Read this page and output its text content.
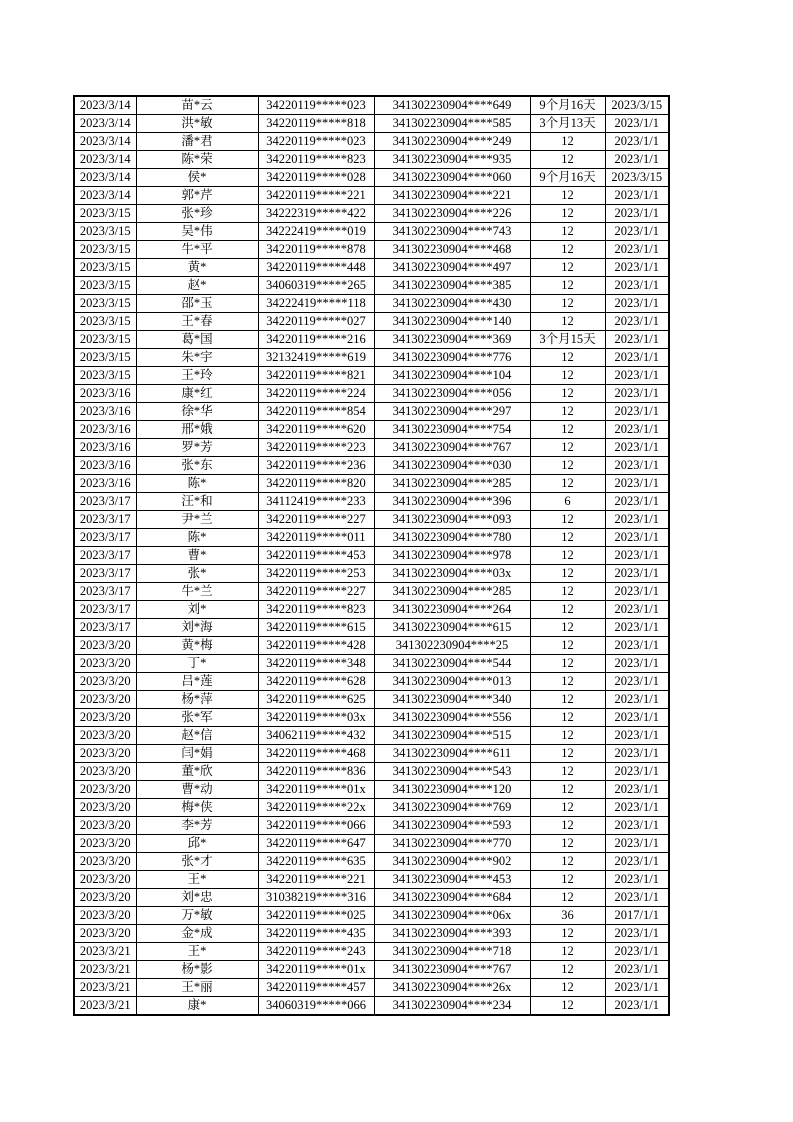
2023/3/14	苗*云	34220119*****023	341302230904****649	9个月16天	2023/3/15
2023/3/14	洪*敏	34220119*****818	341302230904****585	3个月13天	2023/1/1
2023/3/14	潘*君	34220119*****023	341302230904****249	12	2023/1/1
2023/3/14	陈*荣	34220119*****823	341302230904****935	12	2023/1/1
2023/3/14	侯*	34220119*****028	341302230904****060	9个月16天	2023/3/15
2023/3/14	郭*芹	34220119*****221	341302230904****221	12	2023/1/1
2023/3/15	张*珍	34222319*****422	341302230904****226	12	2023/1/1
2023/3/15	吴*伟	34222419*****019	341302230904****743	12	2023/1/1
2023/3/15	牛*平	34220119*****878	341302230904****468	12	2023/1/1
2023/3/15	黄*	34220119*****448	341302230904****497	12	2023/1/1
2023/3/15	赵*	34060319*****265	341302230904****385	12	2023/1/1
2023/3/15	邵*玉	34222419*****118	341302230904****430	12	2023/1/1
2023/3/15	王*春	34220119*****027	341302230904****140	12	2023/1/1
2023/3/15	葛*国	34220119*****216	341302230904****369	3个月15天	2023/1/1
2023/3/15	朱*宇	32132419*****619	341302230904****776	12	2023/1/1
2023/3/15	王*玲	34220119*****821	341302230904****104	12	2023/1/1
2023/3/16	康*红	34220119*****224	341302230904****056	12	2023/1/1
2023/3/16	徐*华	34220119*****854	341302230904****297	12	2023/1/1
2023/3/16	邢*娥	34220119*****620	341302230904****754	12	2023/1/1
2023/3/16	罗*芳	34220119*****223	341302230904****767	12	2023/1/1
2023/3/16	张*东	34220119*****236	341302230904****030	12	2023/1/1
2023/3/16	陈*	34220119*****820	341302230904****285	12	2023/1/1
2023/3/17	汪*和	34112419*****233	341302230904****396	6	2023/1/1
2023/3/17	尹*兰	34220119*****227	341302230904****093	12	2023/1/1
2023/3/17	陈*	34220119*****011	341302230904****780	12	2023/1/1
2023/3/17	曹*	34220119*****453	341302230904****978	12	2023/1/1
2023/3/17	张*	34220119*****253	341302230904****03x	12	2023/1/1
2023/3/17	牛*兰	34220119*****227	341302230904****285	12	2023/1/1
2023/3/17	刘*	34220119*****823	341302230904****264	12	2023/1/1
2023/3/17	刘*海	34220119*****615	341302230904****615	12	2023/1/1
2023/3/20	黄*梅	34220119*****428	341302230904****25	12	2023/1/1
2023/3/20	丁*	34220119*****348	341302230904****544	12	2023/1/1
2023/3/20	吕*莲	34220119*****628	341302230904****013	12	2023/1/1
2023/3/20	杨*萍	34220119*****625	341302230904****340	12	2023/1/1
2023/3/20	张*军	34220119*****03x	341302230904****556	12	2023/1/1
2023/3/20	赵*信	34062119*****432	341302230904****515	12	2023/1/1
2023/3/20	闫*娟	34220119*****468	341302230904****611	12	2023/1/1
2023/3/20	董*欣	34220119*****836	341302230904****543	12	2023/1/1
2023/3/20	曹*动	34220119*****01x	341302230904****120	12	2023/1/1
2023/3/20	梅*侠	34220119*****22x	341302230904****769	12	2023/1/1
2023/3/20	李*芳	34220119*****066	341302230904****593	12	2023/1/1
2023/3/20	邱*	34220119*****647	341302230904****770	12	2023/1/1
2023/3/20	张*才	34220119*****635	341302230904****902	12	2023/1/1
2023/3/20	王*	34220119*****221	341302230904****453	12	2023/1/1
2023/3/20	刘*忠	31038219*****316	341302230904****684	12	2023/1/1
2023/3/20	万*敏	34220119*****025	341302230904****06x	36	2017/1/1
2023/3/20	金*成	34220119*****435	341302230904****393	12	2023/1/1
2023/3/21	王*	34220119*****243	341302230904****718	12	2023/1/1
2023/3/21	杨*影	34220119*****01x	341302230904****767	12	2023/1/1
2023/3/21	王*丽	34220119*****457	341302230904****26x	12	2023/1/1
2023/3/21	康*	34060319*****066	341302230904****234	12	2023/1/1
